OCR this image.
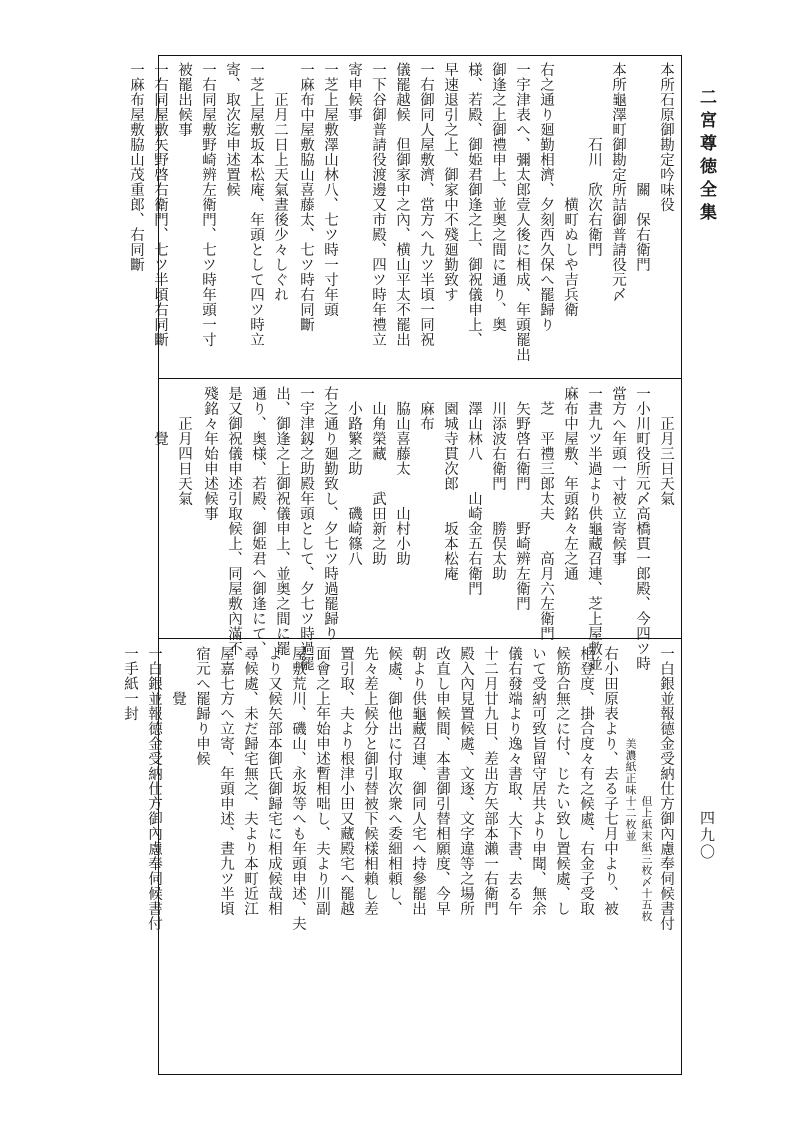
二宮尊徳全集
四九〇
本所石原御勘定吟味役
　　　　　　　　關　保右衛門
本所龜澤町御勘定所詰御普請役元〆
　　　　　石川　欣次右衛門
　　　　　　　　　横町ぬしや吉兵衛
右之通り廻勤相濟、夕刻西久保へ罷歸り
一宇津表へ、彌太郎壹人後に相成、年頭罷出
御逢之上御禮申上、並奥之間に通り、奥
様、若殿、御姫君御逢之上、御祝儀申上、
早速退引之上、御家中不殘廻勤致す
一右御同人屋敷濟、當方へ九ツ半頃一同祝
儀罷越候　但御家中之內、横山平太不罷出
一下谷御普請役渡邊又市殿、四ツ時年禮立
寄申候事
一芝上屋敷澤山林八、七ツ時一寸年頭
一麻布中屋敷脇山喜藤太、七ツ時右同斷
　　正月二日上天氣晝後少々しぐれ
一芝上屋敷坂本松庵、年頭として四ツ時立
寄、取次迄申述置候
一右同屋敷野崎辨左衛門、七ツ時年頭一寸
被罷出候事
一右同屋敷矢野啓右衛門、七ツ半頃右同斷
一麻布屋敷脇山茂重郎、右同斷
　　正月三日天氣
一小川町役所元〆高橋貫一郎殿、今四ツ時
當方へ年頭一寸被立寄候事
一晝九ツ半過より供龜藏召連、芝上屋敷並
麻布中屋敷、年頭銘々左之通
　芝　平禮三郎太夫　　高月六左衛門
　矢野啓右衛門　　野崎辨左衛門
　川添波右衛門　　勝俣太助
　澤山林八　　山崎金五右衛門
　園城寺貫次郎　　坂本松庵
　麻布
　脇山喜藤太　　山村小助
　山角榮藏　　武田新之助
　小路繁之助　　磯崎篠八
右之通り廻勤致し、夕七ツ時過罷歸り
一宇津釼之助殿年頭として、夕七ツ時過罷
出、御逢之上御祝儀申上、並奥之間に罷
通り、奥様、若殿、御姫君へ御逢にて、
是又御祝儀申述引取候上、同屋敷內滿不
殘銘々年始申述候事
　　正月四日天氣
　　　覺
一白銀並報德金受納仕方御內慮奉伺候書付
　　　　　　　　　　　　　但上紙末紙三枚〆十五枚
　　　　　　　　美濃紙正味十二枚並
右小田原表より、去る子七月中より、被
相登度、掛合度々有之候處、右金子受取
候筋合無之に付、じたい致し置候處、し
いて受納可致旨留守居共より申聞、無余
儀右發端より逸々書取、大下書、去る午
十二月廿九日、差出方矢部本瀨一右衛門
殿入內見置候處、文逐、文字違等之場所
改直し申候間、本書御引替相願度、今早
朝より供龜藏召連、御同人宅へ持參罷出
候處、御他出に付取次衆へ委細相頼し、
先々差上候分と御引替被下候樣相賴し差
置引取、夫より根津小田又藏殿宅へ罷越
面會之上年始申述暫相咄し、夫より川副
屋敷荒川、磯山、永坂等へも年頭申述、夫
より又候矢部本御氏御歸宅に相成候哉相
尋候處、未だ歸宅無之、夫より本町近江
屋嘉七方へ立寄、年頭申述、晝九ツ半頃
宿元へ罷歸り申候
　　　覺
一白銀並報德金受納仕方御內慮奉伺候書付
一手紙一封
